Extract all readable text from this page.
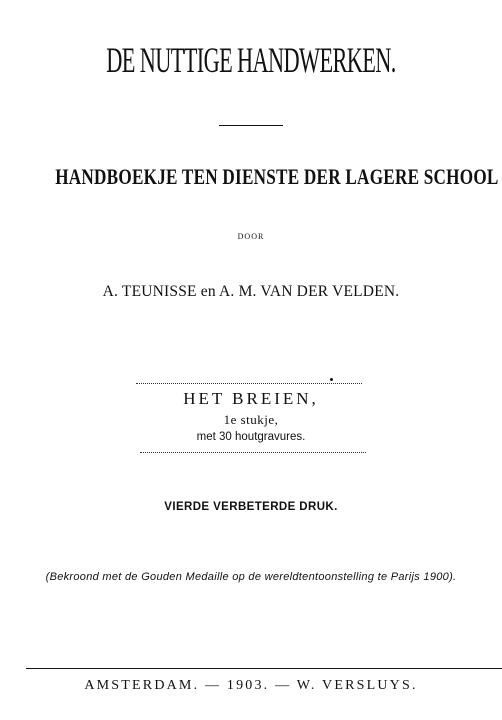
DE NUTTIGE HANDWERKEN.
HANDBOEKJE TEN DIENSTE DER LAGERE SCHOOL
DOOR
A. TEUNISSE en A. M. VAN DER VELDEN.
HET BREIEN,
1e stukje,
met 30 houtgravures.
VIERDE VERBETERDE DRUK.
(Bekroond met de Gouden Medaille op de wereldtentoonstelling te Parijs 1900).
AMSTERDAM. — 1903. — W. VERSLUYS.
